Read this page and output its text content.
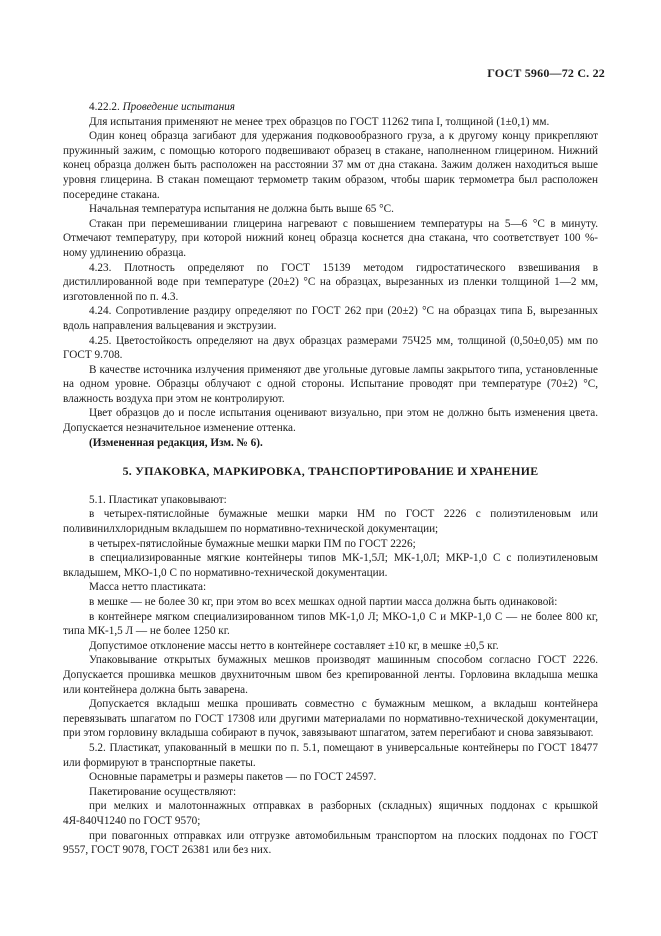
ГОСТ 5960—72 С. 22

4.22.2. Проведение испытания

Для испытания применяют не менее трех образцов по ГОСТ 11262 типа I, толщиной (1±0,1) мм.

Один конец образца загибают для удержания подковообразного груза, а к другому концу прикрепляют пружинный зажим, с помощью которого подвешивают образец в стакане, наполненном глицерином. Нижний конец образца должен быть расположен на расстоянии 37 мм от дна стакана. Зажим должен находиться выше уровня глицерина. В стакан помещают термометр таким образом, чтобы шарик термометра был расположен посередине стакана.

Начальная температура испытания не должна быть выше 65 °С.

Стакан при перемешивании глицерина нагревают с повышением температуры на 5—6 °С в минуту. Отмечают температуру, при которой нижний конец образца коснется дна стакана, что соответствует 100 %-ному удлинению образца.

4.23. Плотность определяют по ГОСТ 15139 методом гидростатического взвешивания в дистиллированной воде при температуре (20±2) °С на образцах, вырезанных из пленки толщиной 1—2 мм, изготовленной по п. 4.3.

4.24. Сопротивление раздиру определяют по ГОСТ 262 при (20±2) °С на образцах типа Б, вырезанных вдоль направления вальцевания и экструзии.

4.25. Цветостойкость определяют на двух образцах размерами 75Ч25 мм, толщиной (0,50±0,05) мм по ГОСТ 9.708.

В качестве источника излучения применяют две угольные дуговые лампы закрытого типа, установленные на одном уровне. Образцы облучают с одной стороны. Испытание проводят при температуре (70±2) °С, влажность воздуха при этом не контролируют.

Цвет образцов до и после испытания оценивают визуально, при этом не должно быть изменения цвета. Допускается незначительное изменение оттенка.

(Измененная редакция, Изм. № 6).

5. УПАКОВКА, МАРКИРОВКА, ТРАНСПОРТИРОВАНИЕ И ХРАНЕНИЕ

5.1. Пластикат упаковывают:

в четырех-пятислойные бумажные мешки марки НМ по ГОСТ 2226 с полиэтиленовым или поливинилхлоридным вкладышем по нормативно-технической документации;

в четырех-пятислойные бумажные мешки марки ПМ по ГОСТ 2226;

в специализированные мягкие контейнеры типов МК-1,5Л; МК-1,0Л; МКР-1,0 С с полиэтиленовым вкладышем, МКО-1,0 С по нормативно-технической документации.

Масса нетто пластиката:

в мешке — не более 30 кг, при этом во всех мешках одной партии масса должна быть одинаковой:

в контейнере мягком специализированном типов МК-1,0 Л; МКО-1,0 С и МКР-1,0 С — не более 800 кг, типа МК-1,5 Л — не более 1250 кг.

Допустимое отклонение массы нетто в контейнере составляет ±10 кг, в мешке ±0,5 кг.

Упаковывание открытых бумажных мешков производят машинным способом согласно ГОСТ 2226. Допускается прошивка мешков двухниточным швом без крепированной ленты. Горловина вкладыша мешка или контейнера должна быть заварена.

Допускается вкладыш мешка прошивать совместно с бумажным мешком, а вкладыш контейнера перевязывать шпагатом по ГОСТ 17308 или другими материалами по нормативно-технической документации, при этом горловину вкладыша собирают в пучок, завязывают шпагатом, затем перегибают и снова завязывают.

5.2. Пластикат, упакованный в мешки по п. 5.1, помещают в универсальные контейнеры по ГОСТ 18477 или формируют в транспортные пакеты.

Основные параметры и размеры пакетов — по ГОСТ 24597.

Пакетирование осуществляют:

при мелких и малотоннажных отправках в разборных (складных) ящичных поддонах с крышкой 4Я-840Ч1240 по ГОСТ 9570;

при повагонных отправках или отгрузке автомобильным транспортом на плоских поддонах по ГОСТ 9557, ГОСТ 9078, ГОСТ 26381 или без них.
